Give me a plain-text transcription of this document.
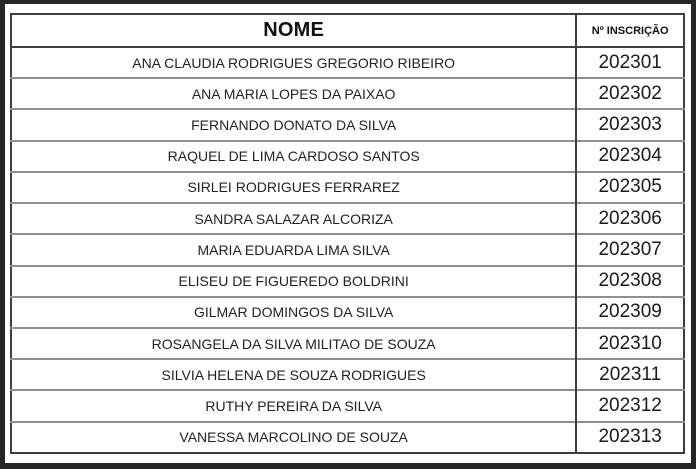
NOME	Nº INSCRIÇÃO
ANA CLAUDIA RODRIGUES GREGORIO RIBEIRO	202301
ANA MARIA LOPES DA PAIXAO	202302
FERNANDO DONATO DA SILVA	202303
RAQUEL DE LIMA CARDOSO SANTOS	202304
SIRLEI RODRIGUES FERRAREZ	202305
SANDRA SALAZAR ALCORIZA	202306
MARIA EDUARDA LIMA SILVA	202307
ELISEU DE FIGUEREDO BOLDRINI	202308
GILMAR DOMINGOS DA SILVA	202309
ROSANGELA DA SILVA MILITAO DE SOUZA	202310
SILVIA HELENA DE SOUZA RODRIGUES	202311
RUTHY PEREIRA DA SILVA	202312
VANESSA MARCOLINO DE SOUZA	202313
